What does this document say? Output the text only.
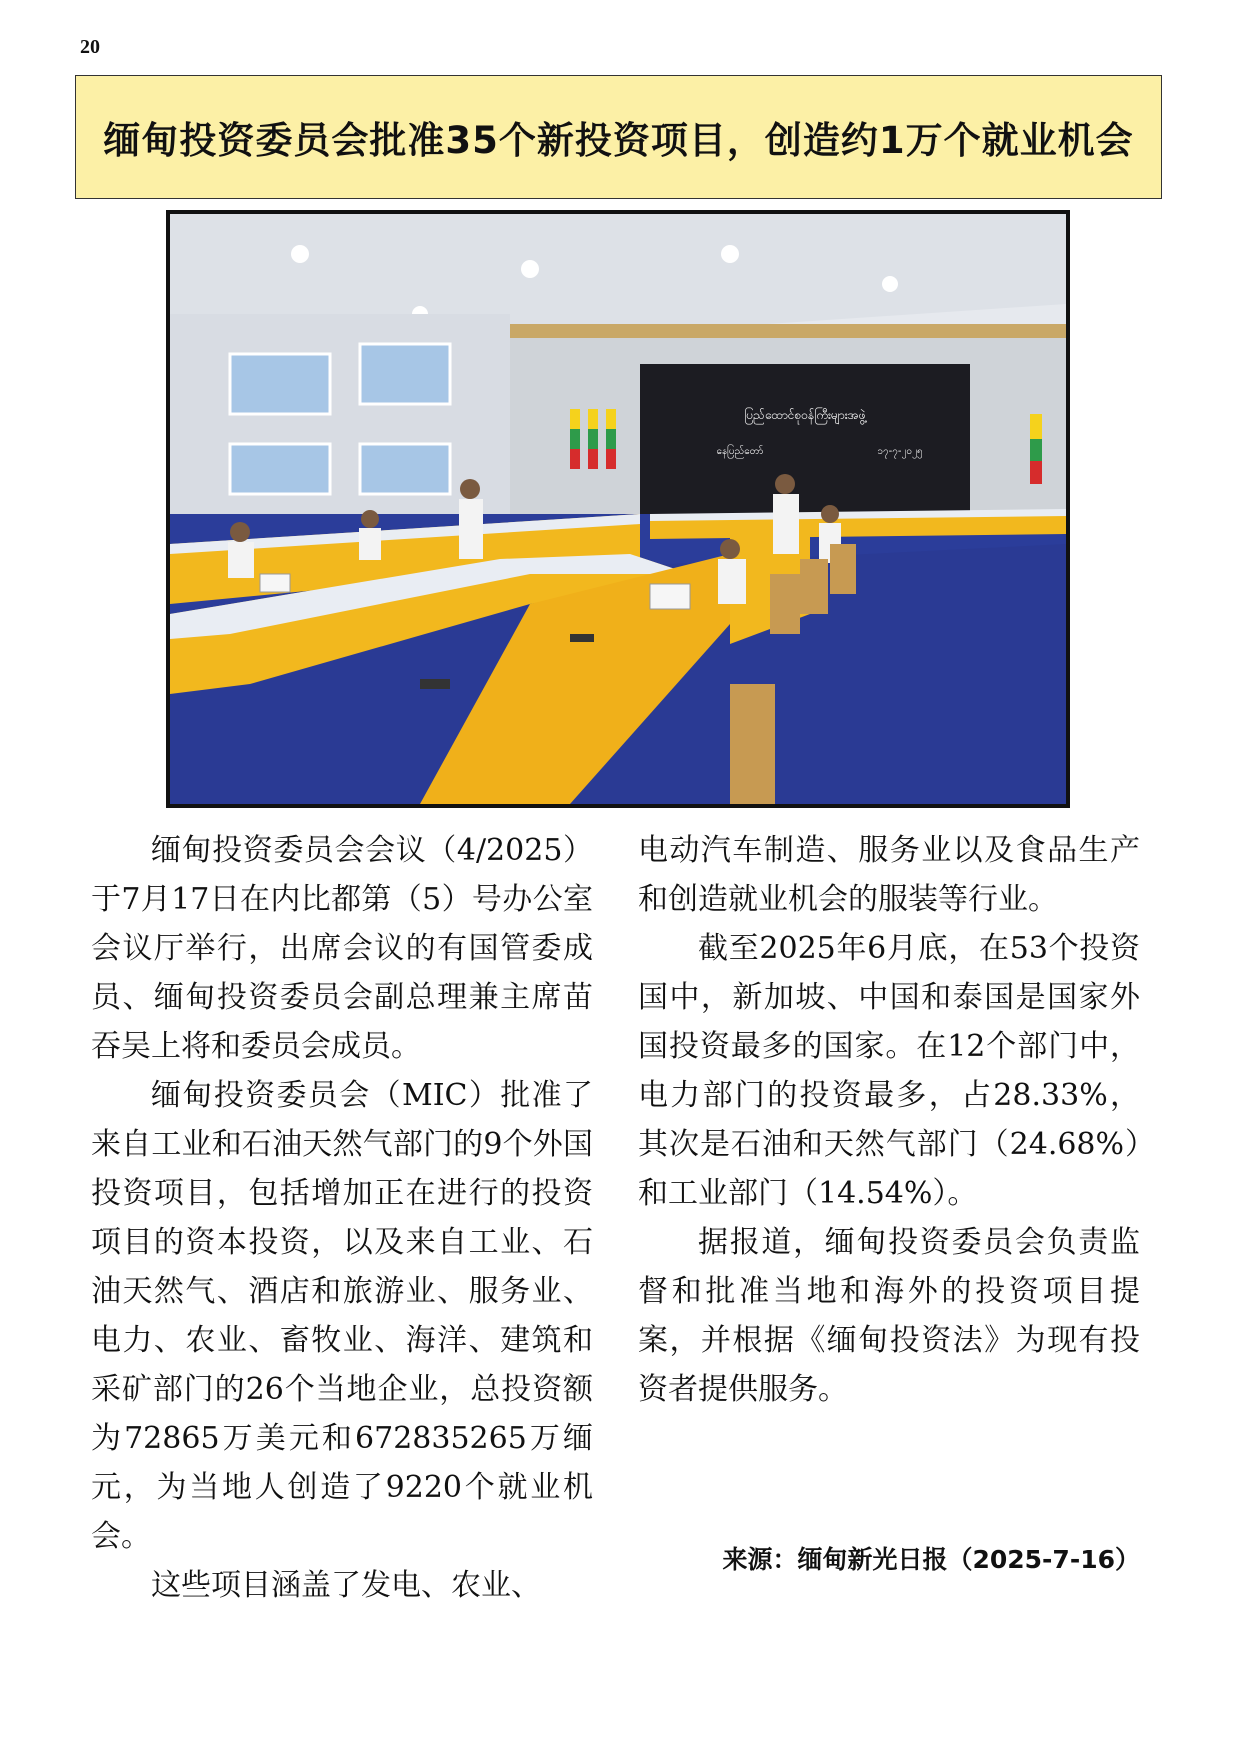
20
缅甸投资委员会批准35个新投资项目，创造约1万个就业机会
ပြည်ထောင်စုဝန်ကြီးများအဖွဲ့
နေပြည်တော်	၁၇-၇-၂၀၂၅

缅甸投资委员会会议（4/2025）于7月17日在内比都第（5）号办公室会议厅举行，出席会议的有国管委成员、缅甸投资委员会副总理兼主席苗吞吴上将和委员会成员。

缅甸投资委员会（MIC）批准了来自工业和石油天然气部门的9个外国投资项目，包括增加正在进行的投资项目的资本投资，以及来自工业、石油天然气、酒店和旅游业、服务业、电力、农业、畜牧业、海洋、建筑和采矿部门的26个当地企业，总投资额为72865万美元和672835265万缅元，为当地人创造了9220个就业机会。

这些项目涵盖了发电、农业、

电动汽车制造、服务业以及食品生产和创造就业机会的服装等行业。

截至2025年6月底，在53个投资国中，新加坡、中国和泰国是国家外国投资最多的国家。在12个部门中，电力部门的投资最多，占28.33%，其次是石油和天然气部门（24.68%）和工业部门（14.54%）。

据报道，缅甸投资委员会负责监督和批准当地和海外的投资项目提案，并根据《缅甸投资法》为现有投资者提供服务。

来源：缅甸新光日报（2025-7-16）
